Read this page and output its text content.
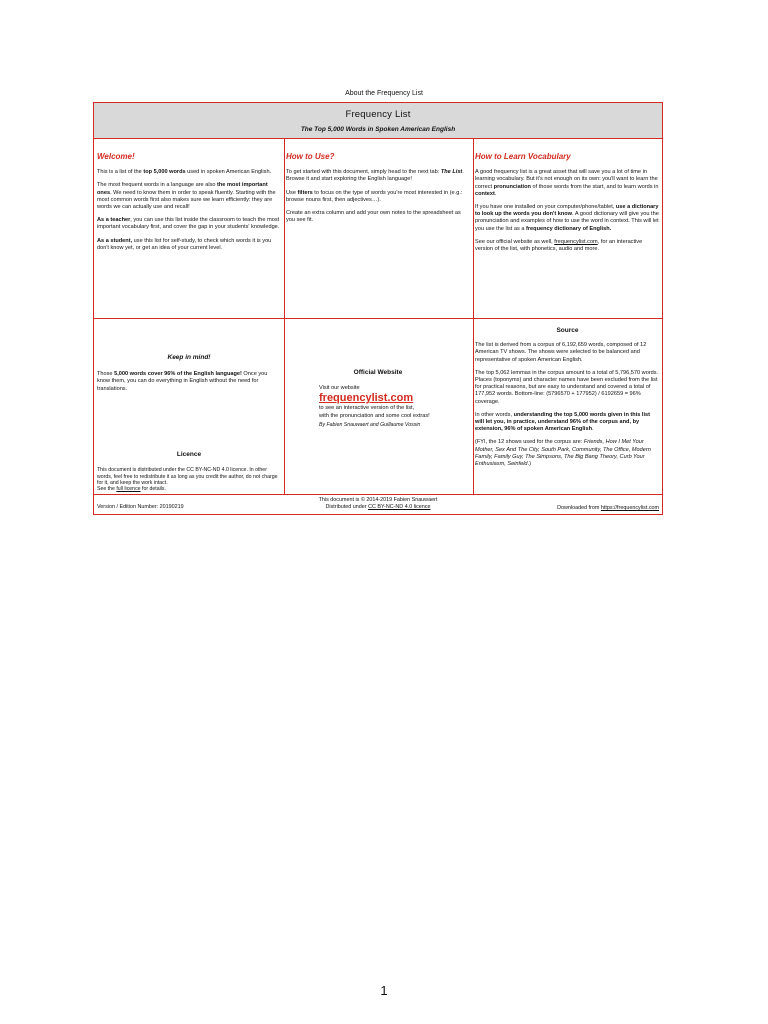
About the Frequency List
Frequency List
The Top 5,000 Words in Spoken American English
Welcome!

This is a list of the top 5,000 words used in spoken American English.

The most frequent words in a language are also the most important ones. We need to know them in order to speak fluently. Starting with the most common words first also makes sure we learn efficiently: they are words we can actually use and recall!

As a teacher, you can use this list inside the classroom to teach the most important vocabulary first, and cover the gap in your students' knowledge.

As a student, use this list for self-study, to check which words it is you don't know yet, or get an idea of your current level.

How to Use?

To get started with this document, simply head to the next tab: The List. Browse it and start exploring the English language!

Use filters to focus on the type of words you're most interested in (e.g.: browse nouns first, then adjectives…).

Create an extra column and add your own notes to the spreadsheet as you see fit.

How to Learn Vocabulary

A good frequency list is a great asset that will save you a lot of time in learning vocabulary. But it's not enough on its own: you'll want to learn the correct pronunciation of those words from the start, and to learn words in context.

If you have one installed on your computer/phone/tablet, use a dictionary to look up the words you don't know. A good dictionary will give you the pronunciation and examples of how to use the word in context. This will let you use the list as a frequency dictionary of English.

See our official website as well, frequencylist.com, for an interactive version of the list, with phonetics, audio and more.

Keep in mind!

Those 5,000 words cover 96% of the English language! Once you know them, you can do everything in English without the need for translations.

Licence

This document is distributed under the CC BY-NC-ND 4.0 licence. In other words, feel free to redistribute it as long as you credit the author, do not charge for it, and keep the work intact.
See the full licence for details.

Official Website
Visit our website
frequencylist.com
to see an interactive version of the list,
with the pronunciation and some cool extras!
By Fabien Snauwaert and Guillaume Vossin
Source

The list is derived from a corpus of 6,192,659 words, composed of 12 American TV shows. The shows were selected to be balanced and representative of spoken American English.

The top 5,062 lemmas in the corpus amount to a total of 5,796,570 words. Places (toponyms) and character names have been excluded from the list for practical reasons, but are easy to understand and covered a total of 177,952 words. Bottom-line: (5796570 + 177952) / 6192659 = 96% coverage.

In other words, understanding the top 5,000 words given in this list will let you, in practice, understand 96% of the corpus and, by extension, 96% of spoken American English.

(FYI, the 12 shows used for the corpus are: Friends, How I Met Your Mother, Sex And The City, South Park, Community, The Office, Modern Family, Family Guy, The Simpsons, The Big Bang Theory, Curb Your Enthusiasm, Seinfeld.)

Version / Edition Number: 20190219
This document is © 2014-2019 Fabien Snauwaert
Distributed under CC BY-NC-ND 4.0 licence	Downloaded from https://frequencylist.com
1
